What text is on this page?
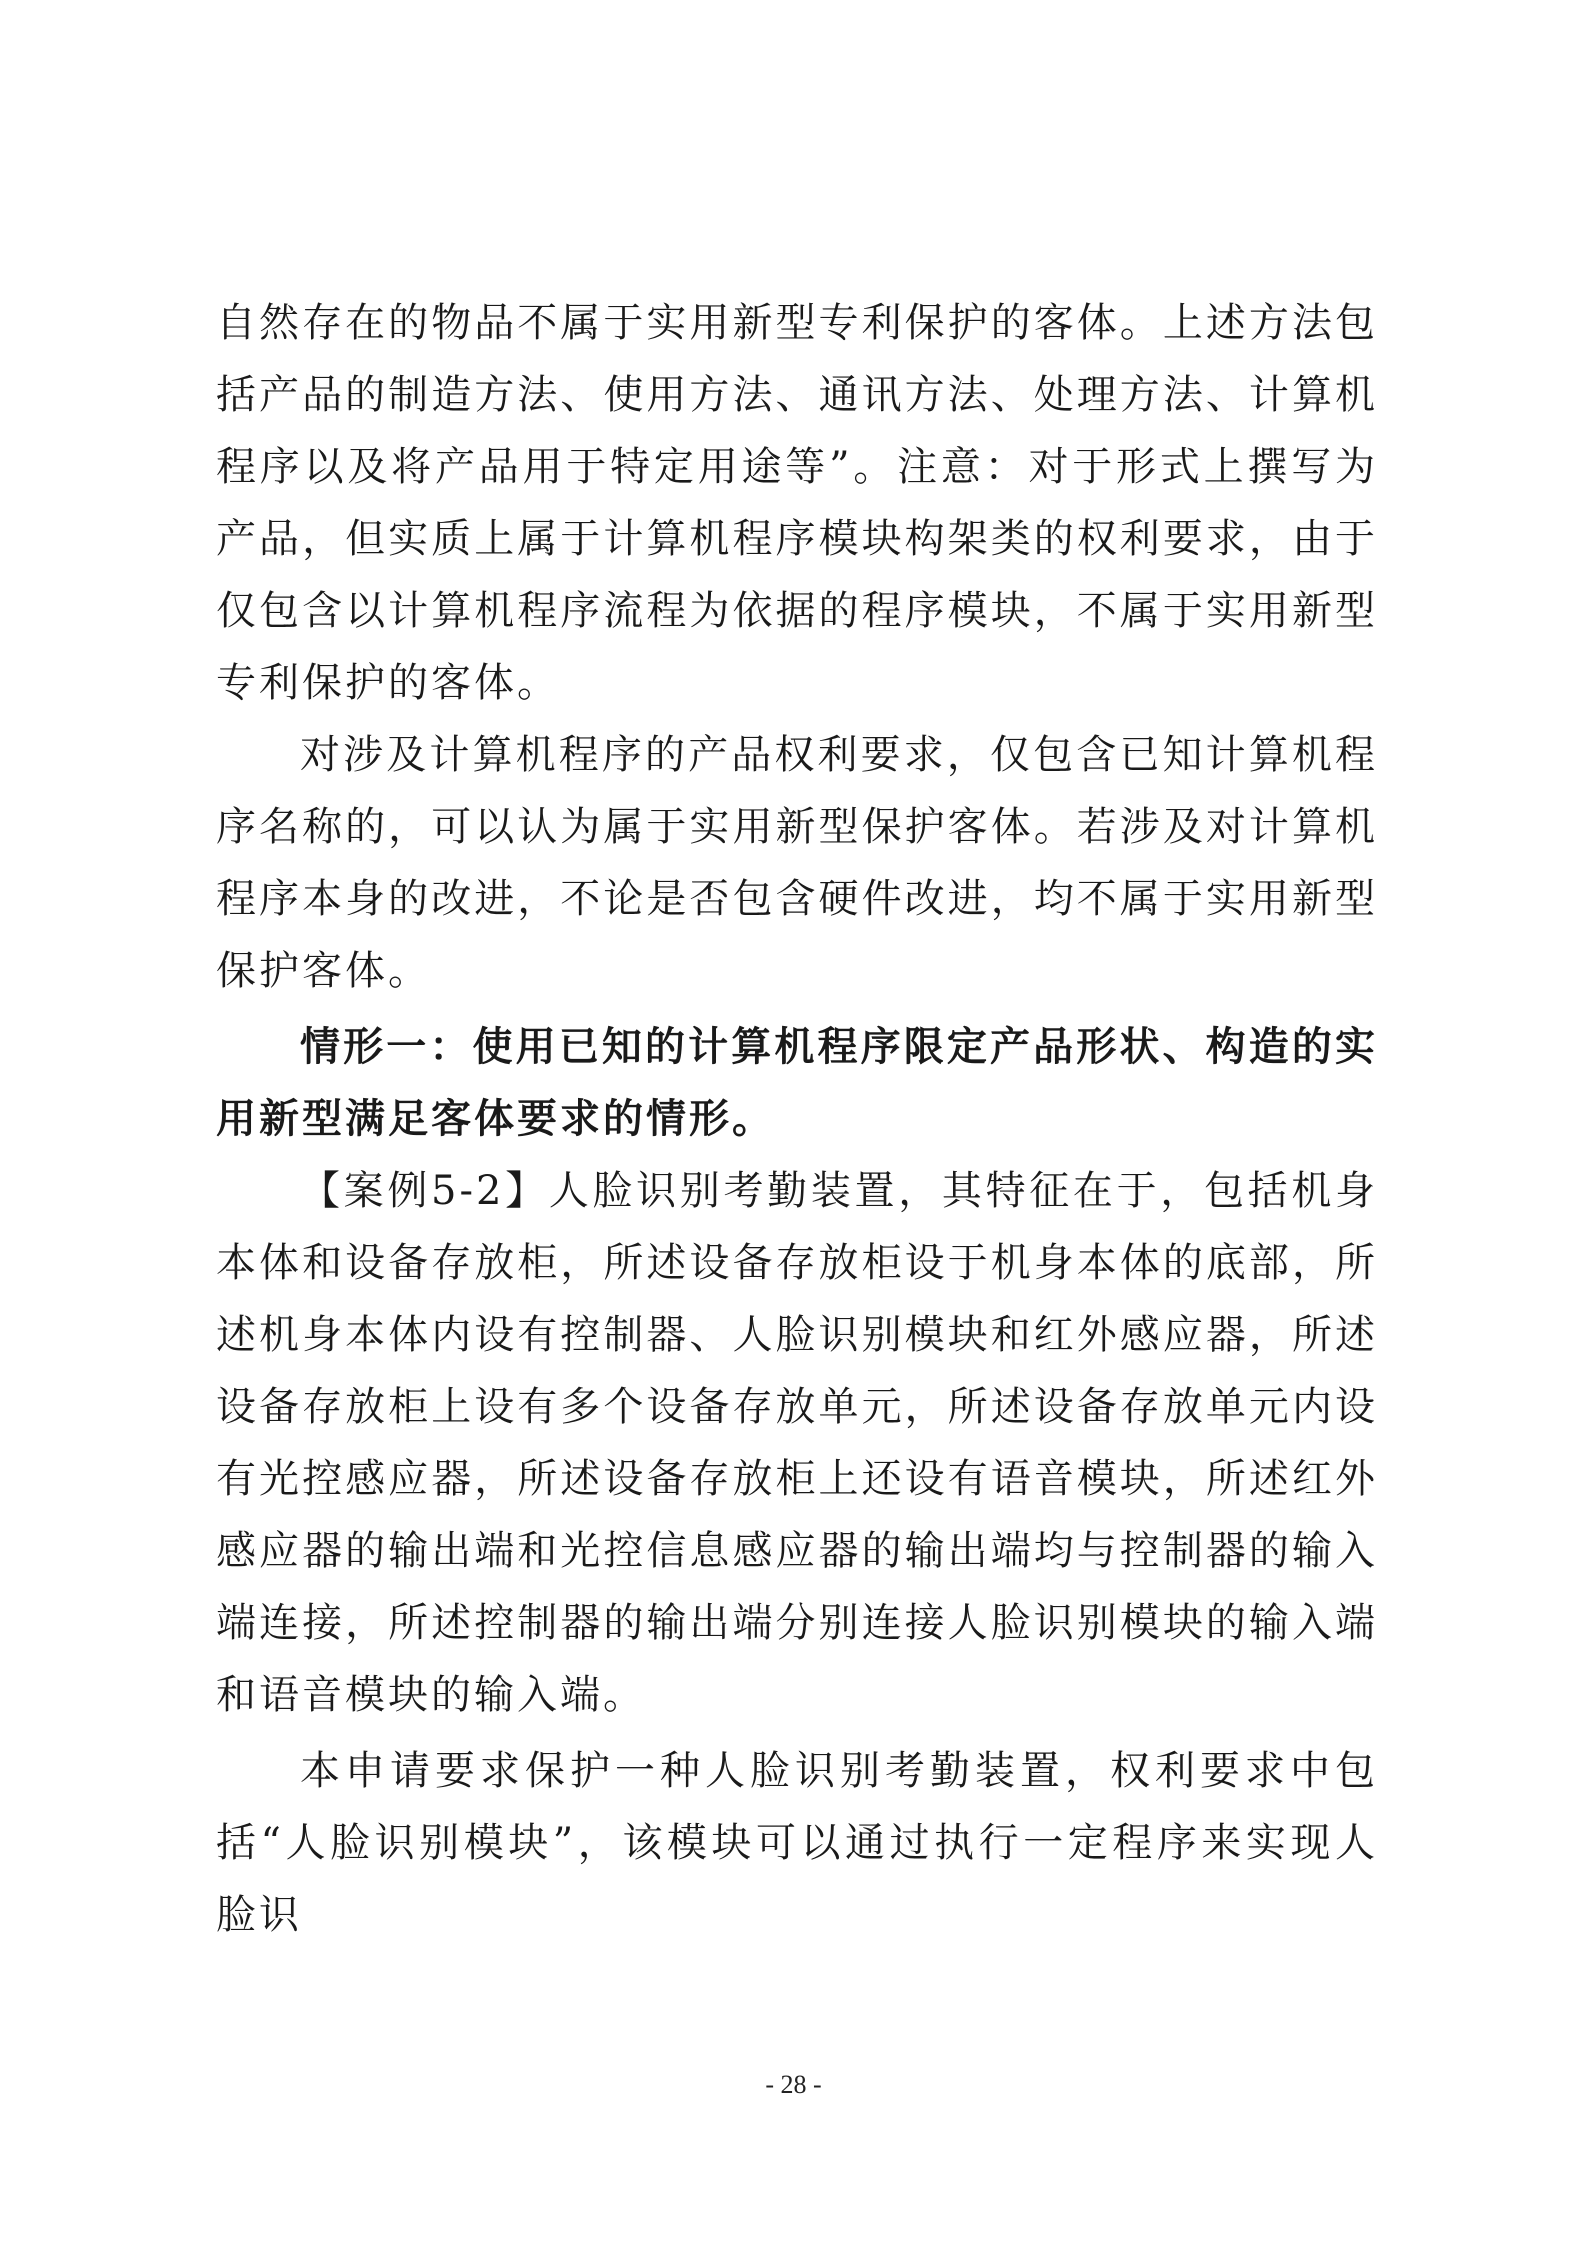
自然存在的物品不属于实用新型专利保护的客体。上述方法包括产品的制造方法、使用方法、通讯方法、处理方法、计算机程序以及将产品用于特定用途等”。注意：对于形式上撰写为产品，但实质上属于计算机程序模块构架类的权利要求，由于仅包含以计算机程序流程为依据的程序模块，不属于实用新型专利保护的客体。

对涉及计算机程序的产品权利要求，仅包含已知计算机程序名称的，可以认为属于实用新型保护客体。若涉及对计算机程序本身的改进，不论是否包含硬件改进，均不属于实用新型保护客体。

情形一：使用已知的计算机程序限定产品形状、构造的实用新型满足客体要求的情形。

【案例5-2】人脸识别考勤装置，其特征在于，包括机身本体和设备存放柜，所述设备存放柜设于机身本体的底部，所述机身本体内设有控制器、人脸识别模块和红外感应器，所述设备存放柜上设有多个设备存放单元，所述设备存放单元内设有光控感应器，所述设备存放柜上还设有语音模块，所述红外感应器的输出端和光控信息感应器的输出端均与控制器的输入端连接，所述控制器的输出端分别连接人脸识别模块的输入端和语音模块的输入端。

本申请要求保护一种人脸识别考勤装置，权利要求中包括“人脸识别模块”，该模块可以通过执行一定程序来实现人脸识

- 28 -
